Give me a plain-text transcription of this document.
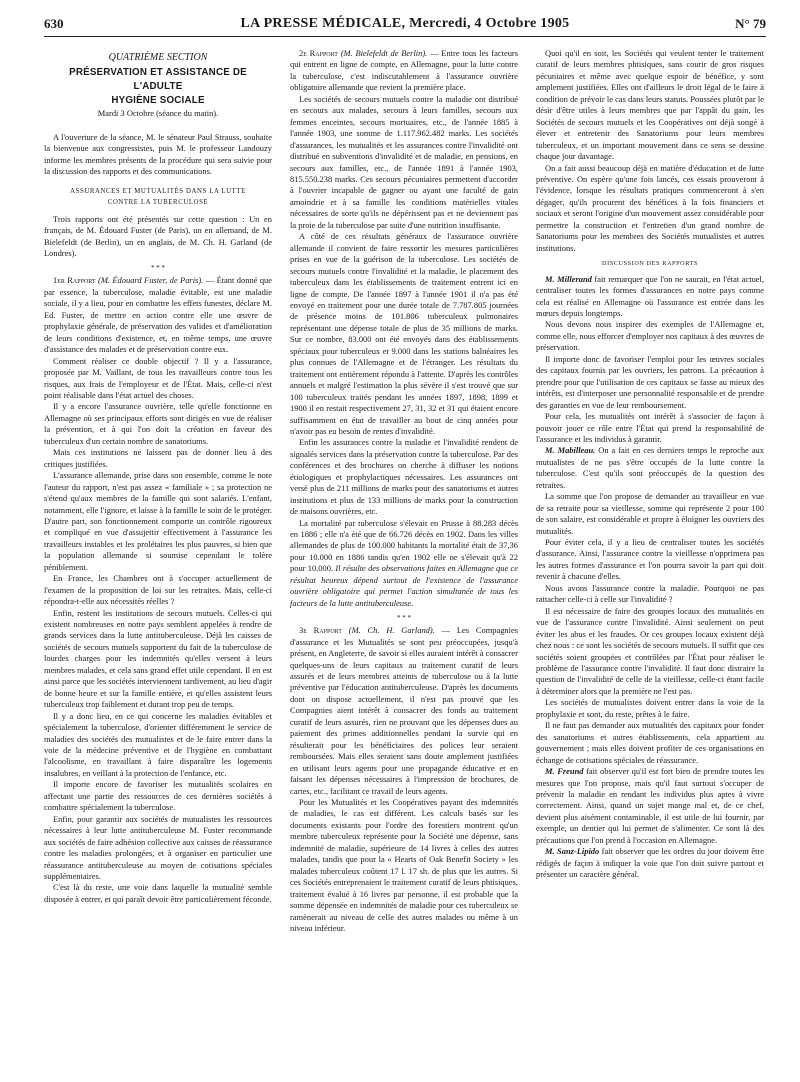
630	LA PRESSE MÉDICALE, Mercredi, 4 Octobre 1905	N° 79

QUATRIÈME SECTION

PRÉSERVATION ET ASSISTANCE DE L'ADULTE
HYGIÈNE SOCIALE

Mardi 3 Octobre (séance du matin).

A l'ouverture de la séance, M. le sénateur Paul Strauss, souhaite la bienvenue aux congressistes, puis M. le professeur Landouzy informe les membres présents de la procédure qui sera suivie pour la discussion des rapports et des communications.

ASSURANCES ET MUTUALITÉS DANS LA LUTTE
CONTRE LA TUBERCULOSE

Trois rapports ont été présentés sur cette question : Un en français, de M. Édouard Fuster (de Paris), un en allemand, de M. Bielefeldt (de Berlin), un en anglais, de M. Ch. H. Garland (de Londres).

* * *

1er Rapport (M. Édouard Fuster, de Paris). — Étant donné que par essence, la tuberculose, maladie évitable, est une maladie sociale, il y a lieu, pour en combattre les effets funestes, déclare M. Ed. Fuster, de mettre en action contre elle une œuvre de prophylaxie générale, de préservation des valides et d'amélioration de leurs conditions d'existence, et, en même temps, une œuvre d'assistance des malades et de préservation contre eux.

Comment réaliser ce double objectif ? Il y a l'assurance, proposée par M. Vaillant, de tous les travailleurs contre tous les risques, aux frais de l'employeur et de l'État. Mais, celle-ci n'est point réalisable dans l'état actuel des choses.

Il y a encore l'assurance ouvrière, telle qu'elle fonctionne en Allemagne où ses principaux efforts sont dirigés en vue de réaliser la prévention, et à qui l'on doit la création en faveur des tuberculeux d'un certain nombre de sanatoriums.

Mais ces institutions ne laissent pas de donner lieu à des critiques justifiées.

L'assurance allemande, prise dans son ensemble, comme le note l'auteur du rapport, n'est pas assez « familiale » ; sa protection ne s'étend qu'aux membres de la famille qui sont salariés. L'enfant, notamment, elle l'ignore, et laisse à la famille le soin de le protéger. D'autre part, son fonctionnement comporte un contrôle rigoureux et compliqué en vue d'assujettir effectivement à l'assurance les travailleurs instables et les prolétaires les plus pauvres, si bien que la population allemande si soumise cependant le tolère péniblement.

En France, les Chambres ont à s'occuper actuellement de l'examen de la proposition de loi sur les retraites. Mais, celle-ci répondra-t-elle aux nécessités réelles ?

Enfin, restent les institutions de secours mutuels. Celles-ci qui existent nombreuses en notre pays semblent appelées à rendre de grands services dans la lutte antituberculeuse. Déjà les caisses de sociétés de secours mutuels supportent du fait de la tuberculose de lourdes charges pour les indemnités qu'elles versent à leurs membres malades, et cela sans grand effet utile cependant. Il en est ainsi parce que les sociétés interviennent tardivement, au lieu d'agir de bonne heure et sur la famille entière, et qu'elles assistent leurs tuberculeux trop faiblement et durant trop peu de temps.

Il y a donc lieu, en ce qui concerne les maladies évitables et spécialement la tuberculose, d'orienter différemment le service de maladies des sociétés des mutualistes et de le faire entrer dans la voie de la médecine préventive et de l'hygiène en combattant l'alcoolisme, en travaillant à faire disparaître les logements insalubres, en veillant à la protection de l'enfance, etc.

Il importe encore de favoriser les mutualités scolaires en affectant une partie des ressources de ces dernières sociétés à combattre spécialement la tuberculose.

Enfin, pour garantir aux sociétés de mutualistes les ressources nécessaires à leur lutte antituberculeuse M. Fuster recommande aux sociétés de faire adhésion collective aux caisses de réassurance contre les maladies prolongées, et à organiser en particulier une réassurance antituberculeuse au moyen de cotisations spéciales supplémentaires.

C'est là du reste, une voie dans laquelle la mutualité semble disposée à entrer, et qui paraît devoir être particulièrement féconde.

2e Rapport (M. Bielefeldt de Berlin). — Entre tous les facteurs qui entrent en ligne de compte, en Allemagne, pour la lutte contre la tuberculose, c'est indiscutablement à l'assurance ouvrière obligatoire allemande que revient la première place.

Les sociétés de secours mutuels contre la maladie ont distribué en secours aux malades, secours à leurs familles, secours aux femmes enceintes, secours mortuaires, etc., de l'année 1885 à l'année 1903, une somme de 1.117.962.482 marks. Les sociétés d'assurances, les mutualités et les assurances contre l'invalidité ont distribué en subventions d'invalidité et de maladie, en pensions, en secours aux familles, etc., de l'année 1891 à l'année 1903, 815.550.238 marks. Ces secours pécuniaires permettent d'accorder à l'ouvrier incapable de gagner ou ayant une faculté de gain amoindrie et à sa famille les conditions matérielles vitales nécessaires de sorte qu'ils ne dépérissent pas et ne deviennent pas la proie de la tuberculose par suite d'une nutrition insuffisante.

A côté de ces résultats généraux de l'assurance ouvrière allemande il convient de faire ressortir les mesures particulières prises en vue de la guérison de la tuberculose. Les sociétés de secours mutuels contre l'invalidité et la maladie, le placement des tuberculeux dans les établissements de traitement entrent ici en ligne de compte. De l'année 1897 à l'année 1901 il n'a pas été envoyé en traitement pour une durée totale de 7.787.805 journées de présence moins de 101.806 tuberculeux pulmonaires représentant une dépense totale de plus de 35 millions de marks. Sur ce nombre, 83.000 ont été envoyés dans des établissements spéciaux pour tuberculeux et 9.000 dans les stations balnéaires les plus connues de l'Allemagne et de l'étranger. Les résultats du traitement ont entièrement répondu à l'attente. D'après les contrôles annuels et malgré l'estimation la plus sévère il s'est trouvé que sur 100 tuberculeux traités pendant les années 1897, 1898, 1899 et 1900 il en restait respectivement 27, 31, 32 et 31 qui étaient encore suffisamment en état de travailler au bout de cinq années pour n'avoir pas eu besoin de rentes d'invalidité.

Enfin les assurances contre la maladie et l'invalidité rendent de signalés services dans la préservation contre la tuberculose. Par des conférences et des brochures on cherche à diffuser les notions étiologiques et prophylactiques nécessaires. Les assurances ont versé plus de 211 millions de marks pour des sanatoriums et autres institutions et plus de 133 millions de marks pour la construction de maisons ouvrières, etc.

La mortalité par tuberculose s'élevait en Prusse à 88.283 décès en 1886 ; elle n'a été que de 66.726 décès en 1902. Dans les villes allemandes de plus de 100.000 habitants la mortalité était de 37,36 pour 10.000 en 1886 tandis qu'en 1902 elle ne s'élevait qu'à 22 pour 10.000. Il résulte des observations faites en Allemagne que ce résultat heureux dépend surtout de l'existence de l'assurance ouvrière obligatoire qui permet l'action simultanée de tous les facteurs de la lutte antituberculeuse.

* * *

3e Rapport (M. Ch. H. Garland). — Les Compagnies d'assurance et les Mutualités se sont peu préoccupées, jusqu'à présent, en Angleterre, de savoir si elles auraient intérêt à consacrer quelques-uns de leurs capitaux au traitement curatif de leurs assurés et de leurs membres atteints de tuberculose ou à la lutte préventive par l'éducation antituberculeuse. D'après les documents dont on dispose actuellement, il n'est pas prouvé que les Compagnies aient intérêt à consacrer des fonds au traitement curatif de leurs assurés, rien ne prouvant que les dépenses dues au paiement des primes additionnelles pendant la survie qui en résulterait pour les bénéficiaires des polices leur seraient remboursées. Mais elles seraient sans doute amplement justifiées en utilisant leurs agents pour une propagande éducative et en faisant les dépenses nécessaires à l'impression de brochures, de cartes, etc., facilitant ce travail de leurs agents.

Pour les Mutualités et les Coopératives payant des indemnités de maladies, le cas est différent. Les calculs basés sur les documents existants pour l'ordre des forestiers montrent qu'un membre tuberculeux représente pour la Société une dépense, sans indemnité de maladie, supérieure de 14 livres à celles des autres malades, tandis que pour la « Hearts of Oak Benefit Society » les malades tuberculeux coûtent 17 l. 17 sh. de plus que les autres. Si ces Sociétés entreprenaient le traitement curatif de leurs phtisiques, traitement évalué à 16 livres par personne, il est probable que la somme dépensée en indemnités de maladie pour ces tuberculeux se ramènerait au niveau de celle des autres malades ou même à un niveau inférieur.

Quoi qu'il en soit, les Sociétés qui veulent tenter le traitement curatif de leurs membres phtisiques, sans courir de gros risques pécuniaires et même avec quelque espoir de bénéfice, y sont amplement justifiées. Elles ont d'ailleurs le droit légal de le faire à condition de prévoir le cas dans leurs statuts. Poussées plutôt par le désir d'être utiles à leurs membres que par l'appât du gain, les Sociétés de secours mutuels et les Coopératives ont déjà songé à élever et entretenir des Sanatoriums pour leurs membres tuberculeux, et un important mouvement dans ce sens se dessine chaque jour davantage.

On a fait aussi beaucoup déjà en matière d'éducation et de lutte préventive. On espère qu'une fois lancés, ces essais prouveront à l'évidence, lorsque les résultats pratiques commenceront à s'en dégager, qu'ils procurent des bénéfices à la fois financiers et sociaux et seront l'origine d'un mouvement assez considérable pour permettre la construction et l'entretien d'un grand nombre de Sanatoriums pour les membres des Sociétés mutualistes et autres institutions.

DISCUSSION DES RAPPORTS

M. Millerand fait remarquer que l'on ne saurait, en l'état actuel, centraliser toutes les formes d'assurances en notre pays comme cela est réalisé en Allemagne où l'assurance est entrée dans les mœurs depuis longtemps.

Nous devons nous inspirer des exemples de l'Allemagne et, comme elle, nous efforcer d'employer nos capitaux à des œuvres de préservation.

Il importe donc de favoriser l'emploi pour les œuvres sociales des capitaux fournis par les ouvriers, les patrons. La précaution à prendre pour que l'utilisation de ces capitaux se fasse au mieux des intérêts, est d'interposer une personnalité responsable et de prendre des garanties en vue de leur remboursement.

Pour cela, les mutualités ont intérêt à s'associer de façon à pouvoir jouer ce rôle entre l'État qui prend la responsabilité de l'assurance et les individus à garantir.

M. Mabilleau. On a fait en ces derniers temps le reproche aux mutualistes de ne pas s'être occupés de la lutte contre la tuberculose. C'est qu'ils sont préoccupés de la question des retraites.

La somme que l'on propose de demander au travailleur en vue de sa retraite pour sa vieillesse, somme qui représente 2 pour 100 de son salaire, est considérable et propre à éloigner les ouvriers des mutualités.

Pour éviter cela, il y a lieu de centraliser toutes les sociétés d'assurance. Ainsi, l'assurance contre la vieillesse n'opprimera pas les autres formes d'assurance et l'on pourra savoir la part qui doit revenir à chacune d'elles.

Nous avons l'assurance contre la maladie. Pourquoi ne pas rattacher celle-ci à celle sur l'invalidité ?

Il est nécessaire de faire des groupes locaux des mutualités en vue de l'assurance contre l'invalidité. Ainsi seulement on peut éviter les abus et les fraudes. Or ces groupes locaux existent déjà chez nous : ce sont les sociétés de secours mutuels. Il suffit que ces sociétés soient groupées et contrôlées par l'État pour réaliser le problème de l'assurance contre l'invalidité. Il faut donc distraire la question de l'invalidité de celle de la vieillesse, celle-ci étant facile à déterminer alors que la première ne l'est pas.

Les sociétés de mutualistes doivent entrer dans la voie de la prophylaxie et sont, du reste, prêtes à le faire.

Il ne faut pas demander aux mutualités des capitaux pour fonder des sanatoriums et autres établissements, cela appartient au gouvernement ; mais elles doivent profiter de ces organisations en échange de cotisations spéciales de réassurance.

M. Freund fait observer qu'il est fort bien de prendre toutes les mesures que l'on propose, mais qu'il faut surtout s'occuper de prévenir la maladie en rendant les individus plus aptes à vivre correctement. Ainsi, quand un sujet mange mal et, de ce chef, devient plus aisément contaminable, il est utile de lui fournir, par exemple, un dentier qui lui permet de s'alimenter. Ce sont là des précautions que l'on prend à l'occasion en Allemagne.

M. Sanz-Lipido fait observer que les ordres du jour doivent être rédigés de façon à indiquer la voie que l'on doit suivre partout et présenter un caractère général.
